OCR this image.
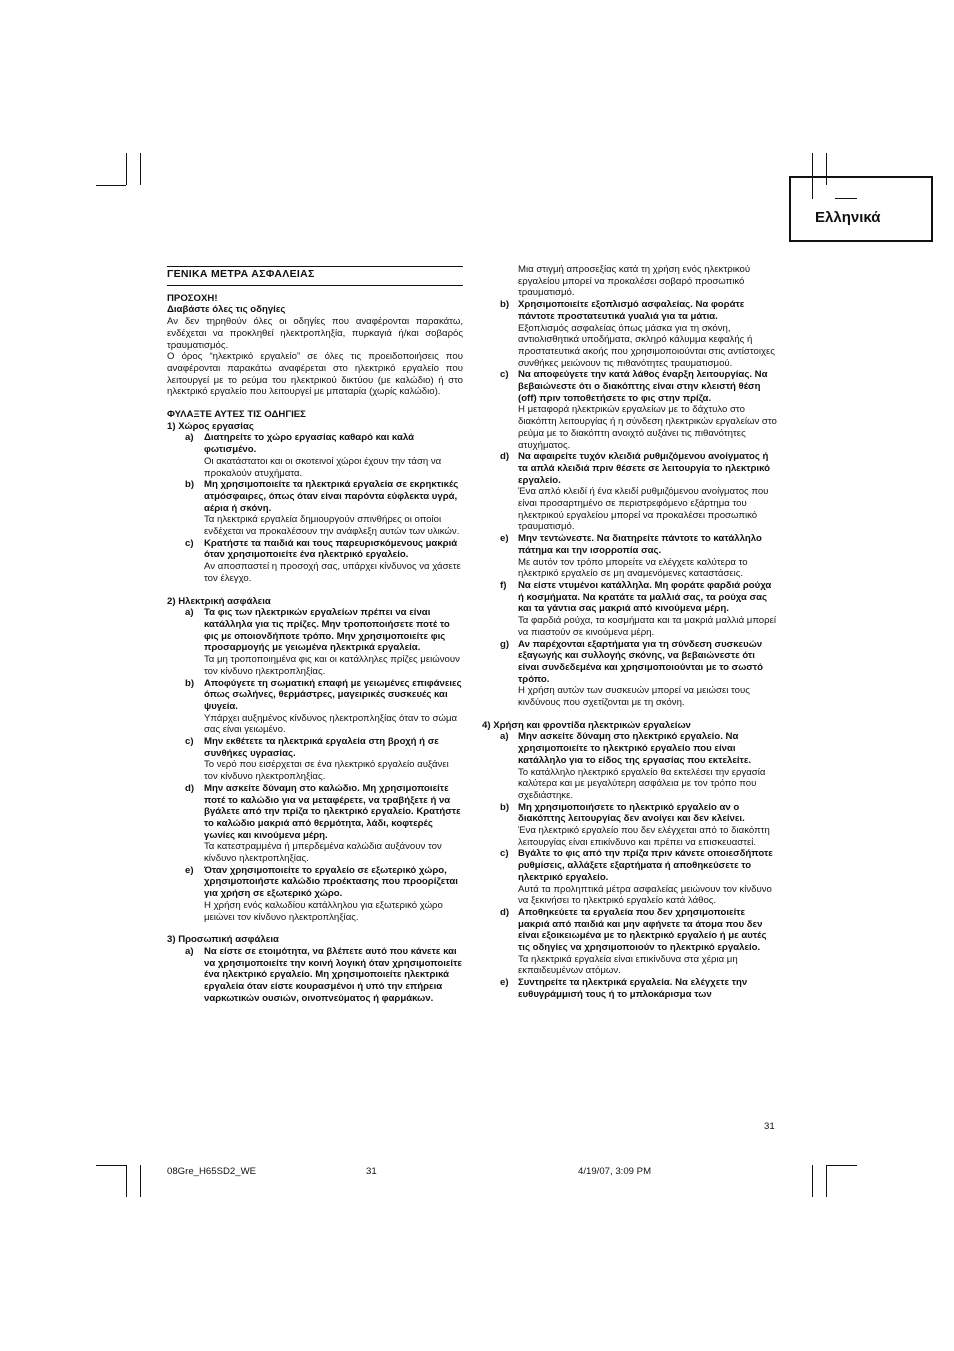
Ελληνικά

ΓΕΝΙΚΑ ΜΕΤΡΑ ΑΣΦΑΛΕΙΑΣ

ΠΡΟΣΟΧΗ!

Διαβάστε όλες τις οδηγίες

Αν δεν τηρηθούν όλες οι οδηγίες που αναφέρονται παρακάτω, ενδέχεται να προκληθεί ηλεκτροπληξία, πυρκαγιά ή/και σοβαρός τραυματισμός.

Ο όρος “ηλεκτρικό εργαλείο” σε όλες τις προειδοποιήσεις που αναφέρονται παρακάτω αναφέρεται στο ηλεκτρικό εργαλείο που λειτουργεί με το ρεύμα του ηλεκτρικού δικτύου (με καλώδιο) ή στο ηλεκτρικό εργαλείο που λειτουργεί με μπαταρία (χωρίς καλώδιο).

ΦΥΛΑΞΤΕ ΑΥΤΕΣ ΤΙΣ ΟΔΗΓΙΕΣ

1) Χώρος εργασίας

a) Διατηρείτε το χώρο εργασίας καθαρό και καλά φωτισμένο.

Οι ακατάστατοι και οι σκοτεινοί χώροι έχουν την τάση να προκαλούν ατυχήματα.

b) Μη χρησιμοποιείτε τα ηλεκτρικά εργαλεία σε εκρηκτικές ατμόσφαιρες, όπως όταν είναι παρόντα εύφλεκτα υγρά, αέρια ή σκόνη.

Τα ηλεκτρικά εργαλεία δημιουργούν σπινθήρες οι οποίοι ενδέχεται να προκαλέσουν την ανάφλεξη αυτών των υλικών.

c) Κρατήστε τα παιδιά και τους παρευρισκόμενους μακριά όταν χρησιμοποιείτε ένα ηλεκτρικό εργαλείο.

Αν αποσπαστεί η προσοχή σας, υπάρχει κίνδυνος να χάσετε τον έλεγχο.

2) Ηλεκτρική ασφάλεια

a) Τα φις των ηλεκτρικών εργαλείων πρέπει να είναι κατάλληλα για τις πρίζες. Μην τροποποιήσετε ποτέ το φις με οποιονδήποτε τρόπο. Μην χρησιμοποιείτε φις προσαρμογής με γειωμένα ηλεκτρικά εργαλεία.

Τα μη τροποποιημένα φις και οι κατάλληλες πρίζες μειώνουν τον κίνδυνο ηλεκτροπληξίας.

b) Αποφύγετε τη σωματική επαφή με γειωμένες επιφάνειες όπως σωλήνες, θερμάστρες, μαγειρικές συσκευές και ψυγεία.

Υπάρχει αυξημένος κίνδυνος ηλεκτροπληξίας όταν το σώμα σας είναι γειωμένο.

c) Μην εκθέτετε τα ηλεκτρικά εργαλεία στη βροχή ή σε συνθήκες υγρασίας.

Το νερό που εισέρχεται σε ένα ηλεκτρικό εργαλείο αυξάνει τον κίνδυνο ηλεκτροπληξίας.

d) Μην ασκείτε δύναμη στο καλώδιο. Μη χρησιμοποιείτε ποτέ το καλώδιο για να μεταφέρετε, να τραβήξετε ή να βγάλετε από την πρίζα το ηλεκτρικό εργαλείο. Κρατήστε το καλώδιο μακριά από θερμότητα, λάδι, κοφτερές γωνίες και κινούμενα μέρη.

Τα κατεστραμμένα ή μπερδεμένα καλώδια αυξάνουν τον κίνδυνο ηλεκτροπληξίας.

e) Όταν χρησιμοποιείτε το εργαλείο σε εξωτερικό χώρο, χρησιμοποιήστε καλώδιο προέκτασης που προορίζεται για χρήση σε εξωτερικό χώρο.

Η χρήση ενός καλωδίου κατάλληλου για εξωτερικό χώρο μειώνει τον κίνδυνο ηλεκτροπληξίας.

3) Προσωπική ασφάλεια

a) Να είστε σε ετοιμότητα, να βλέπετε αυτό που κάνετε και να χρησιμοποιείτε την κοινή λογική όταν χρησιμοποιείτε ένα ηλεκτρικό εργαλείο. Μη χρησιμοποιείτε ηλεκτρικά εργαλεία όταν είστε κουρασμένοι ή υπό την επήρεια ναρκωτικών ουσιών, οινοπνεύματος ή φαρμάκων.

Μια στιγμή απροσεξίας κατά τη χρήση ενός ηλεκτρικού εργαλείου μπορεί να προκαλέσει σοβαρό προσωπικό τραυματισμό.

b) Χρησιμοποιείτε εξοπλισμό ασφαλείας. Να φοράτε πάντοτε προστατευτικά γυαλιά για τα μάτια.

Εξοπλισμός ασφαλείας όπως μάσκα για τη σκόνη, αντιολισθητικά υποδήματα, σκληρό κάλυμμα κεφαλής ή προστατευτικά ακοής που χρησιμοποιούνται στις αντίστοιχες συνθήκες μειώνουν τις πιθανότητες τραυματισμού.

c) Να αποφεύγετε την κατά λάθος έναρξη λειτουργίας. Να βεβαιώνεστε ότι ο διακόπτης είναι στην κλειστή θέση (off) πριν τοποθετήσετε το φις στην πρίζα.

Η μεταφορά ηλεκτρικών εργαλείων με το δάχτυλο στο διακόπτη λειτουργίας ή η σύνδεση ηλεκτρικών εργαλείων στο ρεύμα με το διακόπτη ανοιχτό αυξάνει τις πιθανότητες ατυχήματος.

d) Να αφαιρείτε τυχόν κλειδιά ρυθμιζόμενου ανοίγματος ή τα απλά κλειδιά πριν θέσετε σε λειτουργία το ηλεκτρικό εργαλείο.

Ένα απλό κλειδί ή ένα κλειδί ρυθμιζόμενου ανοίγματος που είναι προσαρτημένο σε περιστρεφόμενο εξάρτημα του ηλεκτρικού εργαλείου μπορεί να προκαλέσει προσωπικό τραυματισμό.

e) Μην τεντώνεστε. Να διατηρείτε πάντοτε το κατάλληλο πάτημα και την ισορροπία σας.

Με αυτόν τον τρόπο μπορείτε να ελέγχετε καλύτερα το ηλεκτρικό εργαλείο σε μη αναμενόμενες καταστάσεις.

f) Να είστε ντυμένοι κατάλληλα. Μη φοράτε φαρδιά ρούχα ή κοσμήματα. Να κρατάτε τα μαλλιά σας, τα ρούχα σας και τα γάντια σας μακριά από κινούμενα μέρη.

Τα φαρδιά ρούχα, τα κοσμήματα και τα μακριά μαλλιά μπορεί να πιαστούν σε κινούμενα μέρη.

g) Αν παρέχονται εξαρτήματα για τη σύνδεση συσκευών εξαγωγής και συλλογής σκόνης, να βεβαιώνεστε ότι είναι συνδεδεμένα και χρησιμοποιούνται με το σωστό τρόπο.

Η χρήση αυτών των συσκευών μπορεί να μειώσει τους κινδύνους που σχετίζονται με τη σκόνη.

4) Χρήση και φροντίδα ηλεκτρικών εργαλείων

a) Μην ασκείτε δύναμη στο ηλεκτρικό εργαλείο. Να χρησιμοποιείτε το ηλεκτρικό εργαλείο που είναι κατάλληλο για το είδος της εργασίας που εκτελείτε.

Το κατάλληλο ηλεκτρικό εργαλείο θα εκτελέσει την εργασία καλύτερα και με μεγαλύτερη ασφάλεια με τον τρόπο που σχεδιάστηκε.

b) Μη χρησιμοποιήσετε το ηλεκτρικό εργαλείο αν ο διακόπτης λειτουργίας δεν ανοίγει και δεν κλείνει.

Ένα ηλεκτρικό εργαλείο που δεν ελέγχεται από το διακόπτη λειτουργίας είναι επικίνδυνο και πρέπει να επισκευαστεί.

c) Βγάλτε το φις από την πρίζα πριν κάνετε οποιεσδήποτε ρυθμίσεις, αλλάξετε εξαρτήματα ή αποθηκεύσετε το ηλεκτρικό εργαλείο.

Αυτά τα προληπτικά μέτρα ασφαλείας μειώνουν τον κίνδυνο να ξεκινήσει το ηλεκτρικό εργαλείο κατά λάθος.

d) Αποθηκεύετε τα εργαλεία που δεν χρησιμοποιείτε μακριά από παιδιά και μην αφήνετε τα άτομα που δεν είναι εξοικειωμένα με το ηλεκτρικό εργαλείο ή με αυτές τις οδηγίες να χρησιμοποιούν το ηλεκτρικό εργαλείο.

Τα ηλεκτρικά εργαλεία είναι επικίνδυνα στα χέρια μη εκπαιδευμένων ατόμων.

e) Συντηρείτε τα ηλεκτρικά εργαλεία. Να ελέγχετε την ευθυγράμμισή τους ή το μπλοκάρισμα των

31
08Gre_H65SD2_WE	31	4/19/07, 3:09 PM
